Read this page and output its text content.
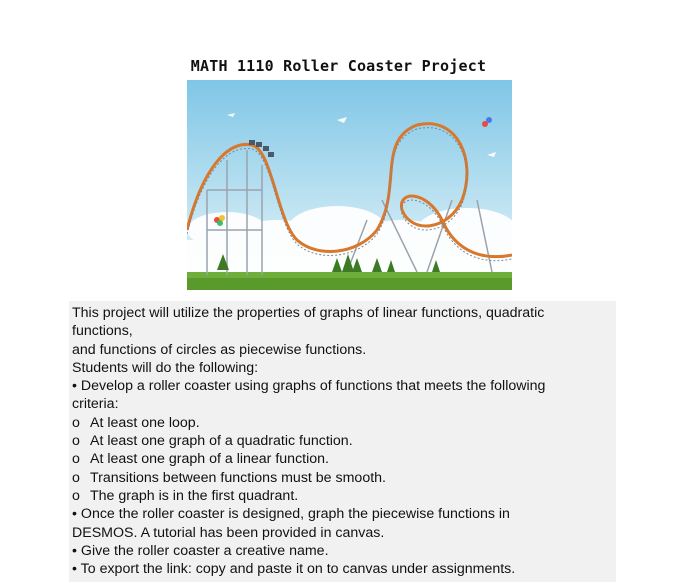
MATH 1110 Roller Coaster Project
This project will utilize the properties of graphs of linear functions, quadratic
functions,
and functions of circles as piecewise functions.
Students will do the following:
• Develop a roller coaster using graphs of functions that meets the following
criteria:
o At least one loop.
o At least one graph of a quadratic function.
o At least one graph of a linear function.
o Transitions between functions must be smooth.
o The graph is in the first quadrant.
• Once the roller coaster is designed, graph the piecewise functions in
DESMOS. A tutorial has been provided in canvas.
• Give the roller coaster a creative name.
• To export the link: copy and paste it on to canvas under assignments.
